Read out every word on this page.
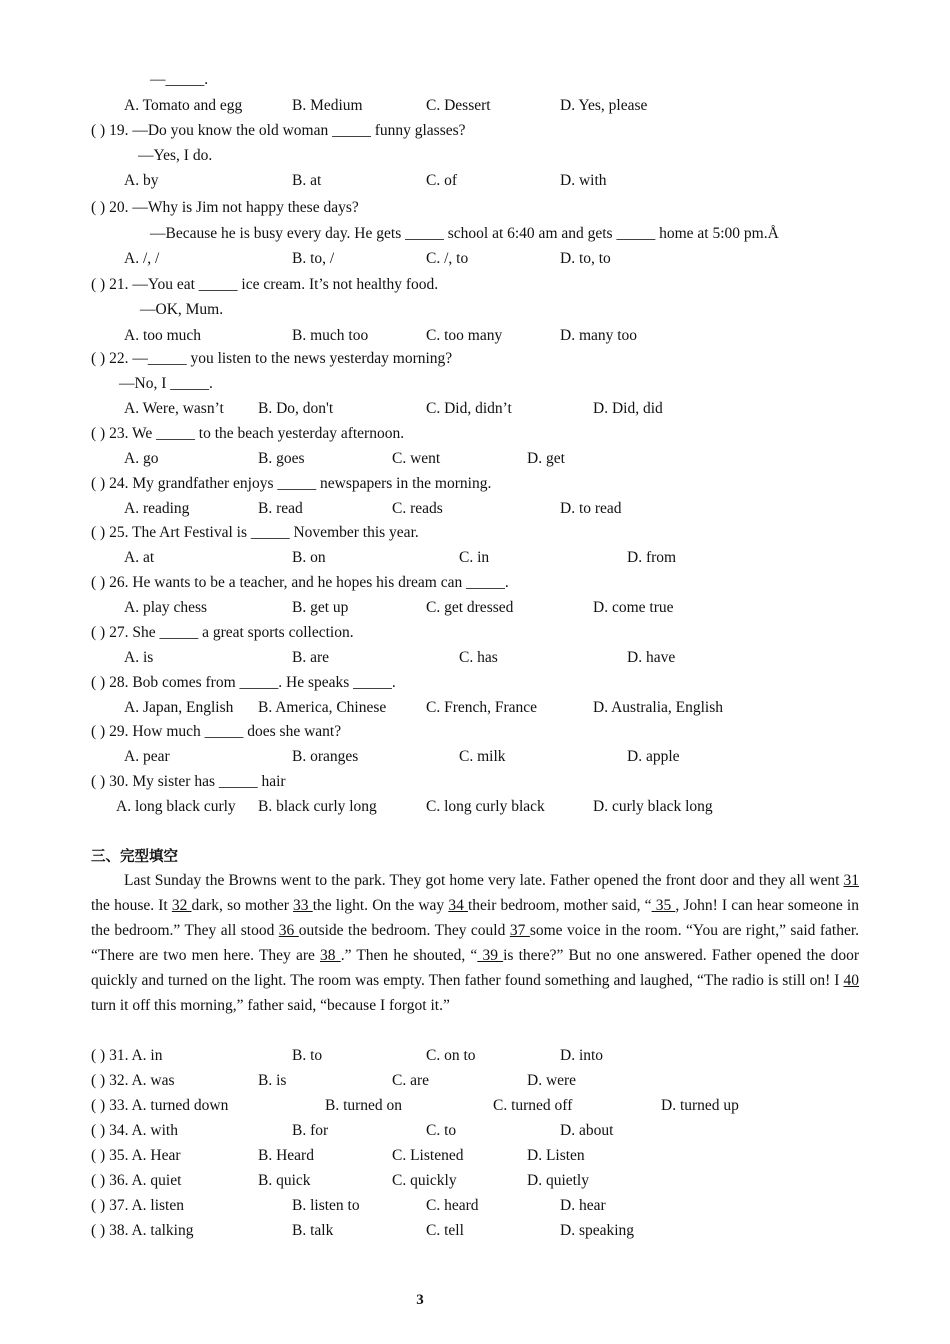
—_____.
A. Tomato and egg	B. Medium	C. Dessert	D. Yes, please
( ) 19. —Do you know the old woman _____ funny glasses?
—Yes, I do.
A. by	B. at	C. of	D. with
( ) 20. —Why is Jim not happy these days?
—Because he is busy every day. He gets _____ school at 6:40 am and gets _____ home at 5:00 pm.Å
A. /, /	B. to, /	C. /, to	D. to, to
( ) 21. —You eat _____ ice cream. It’s not healthy food.
—OK, Mum.
A. too much	B. much too	C. too many	D. many too
( ) 22. —_____ you listen to the news yesterday morning?
—No, I _____.
A. Were, wasn’t B. Do, don't	C. Did, didn’t	D. Did, did
( ) 23. We _____ to the beach yesterday afternoon.
A. go	B. goes	C. went	D. get
( ) 24. My grandfather enjoys _____ newspapers in the morning.
A. reading	B. read	C. reads	D. to read
( ) 25. The Art Festival is _____ November this year.
A. at	B. on	C. in	D. from
( ) 26. He wants to be a teacher, and he hopes his dream can _____.
A. play chess	B. get up	C. get dressed	D. come true
( ) 27. She _____ a great sports collection.
A. is	B. are	C. has	D. have
( ) 28. Bob comes from _____. He speaks _____.
A. Japan, English B. America, Chinese	C. French, France	D. Australia, English
( ) 29. How much _____ does she want?
A. pear	B. oranges	C. milk	D. apple
( ) 30. My sister has _____ hair
A. long black curly B. black curly long	C. long curly black	D. curly black long
三、完型填空
Last Sunday the Browns went to the park. They got home very late. Father opened the front door and they all went 31 the house. It 32 dark, so mother 33 the light. On the way 34 their bedroom, mother said, “ 35 , John! I can hear someone in the bedroom.” They all stood 36 outside the bedroom. They could 37 some voice in the room. “You are right,” said father. “There are two men here. They are 38 .” Then he shouted, “ 39 is there?” But no one answered. Father opened the door quickly and turned on the light. The room was empty. Then father found something and laughed, “The radio is still on! I 40 turn it off this morning,” father said, “because I forgot it.”
( ) 31. A. in	B. to	C. on to	D. into
( ) 32. A. was	B. is	C. are	D. were
( ) 33. A. turned down	B. turned on	C. turned off	D. turned up
( ) 34. A. with	B. for	C. to	D. about
( ) 35. A. Hear	B. Heard	C. Listened	D. Listen
( ) 36. A. quiet	B. quick	C. quickly	D. quietly
( ) 37. A. listen	B. listen to	C. heard	D. hear
( ) 38. A. talking	B. talk	C. tell	D. speaking
3
